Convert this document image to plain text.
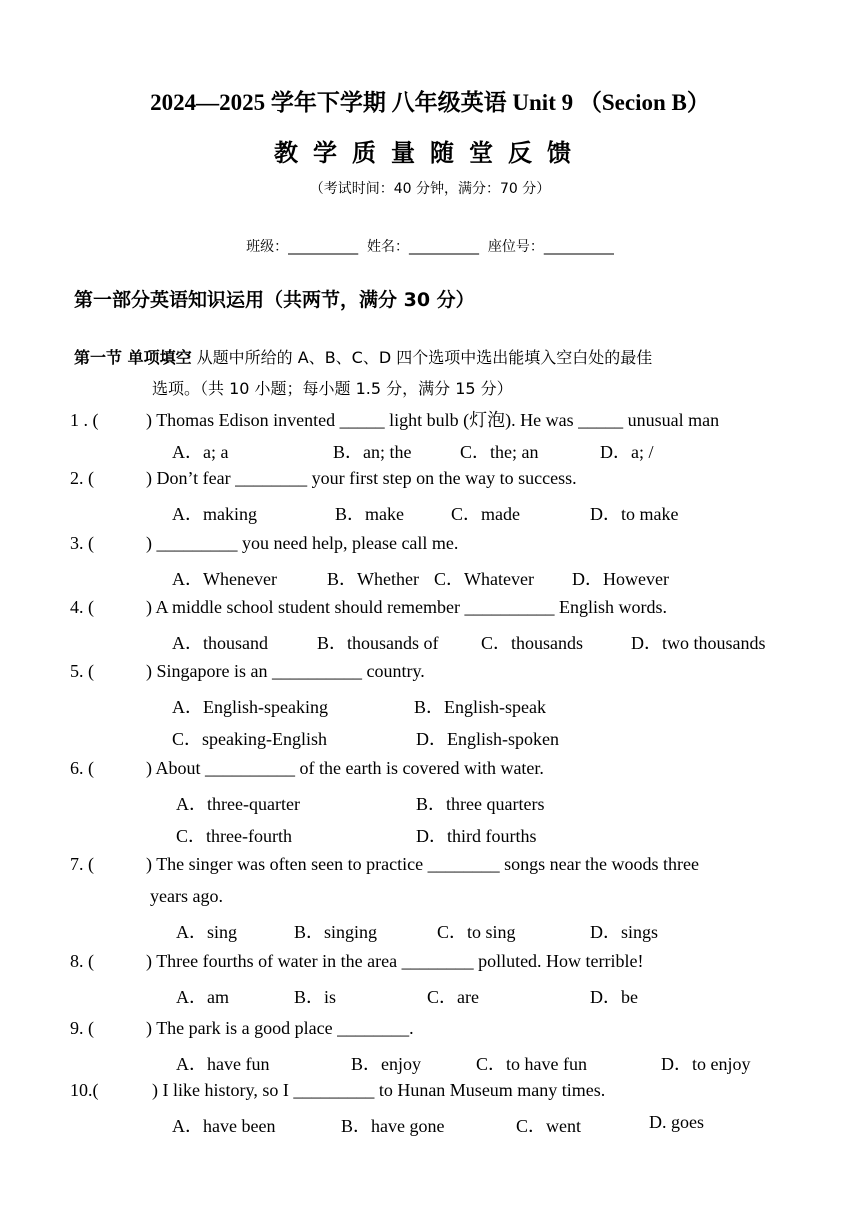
2024—2025 学年下学期 八年级英语 Unit 9 （Secion B）
教学质量随堂反馈
（考试时间：40 分钟，满分：70 分）
班级：__________  姓名：__________  座位号：__________
第一部分英语知识运用（共两节，满分 30 分）
第一节 单项填空 从题中所给的 A、B、C、D 四个选项中选出能填入空白处的最佳
选项。（共 10 小题；每小题 1.5 分，满分 15 分）
1 . (	) Thomas Edison invented _____ light bulb (灯泡). He was _____ unusual man
2. (	) Don’t fear ________ your first step on the way to success.
3. (	) _________ you need help, please call me.
4. (	) A middle school student should remember __________ English words.
5. (	) Singapore is an __________ country.
6. (	) About __________ of the earth is covered with water.
7. (	) The singer was often seen to practice ________ songs near the woods three
years ago.
8. (	) Three fourths of water in the area ________ polluted. How terrible!
9. (	) The park is a good place ________.
10.(	) I like history, so I _________ to Hunan Museum many times.
A．a; a	B．an; the	C．the; an	D．a; /
A．making	B．make	C．made	D．to make
A．Whenever	B．Whether C．Whatever D．However
A．thousand	B．thousands of C．thousands	D．two thousands
A．English-speaking	B．English-speak
C．speaking-English	D．English-spoken
A．three-quarter	B．three quarters
C．three-fourth	D．third fourths
A．sing	B．singing	C．to sing	D．sings
A．am	B．is	C．are	D．be
A．have fun	B．enjoy	C．to have fun	D．to enjoy
A．have been	B．have gone	C．went	D. goes
